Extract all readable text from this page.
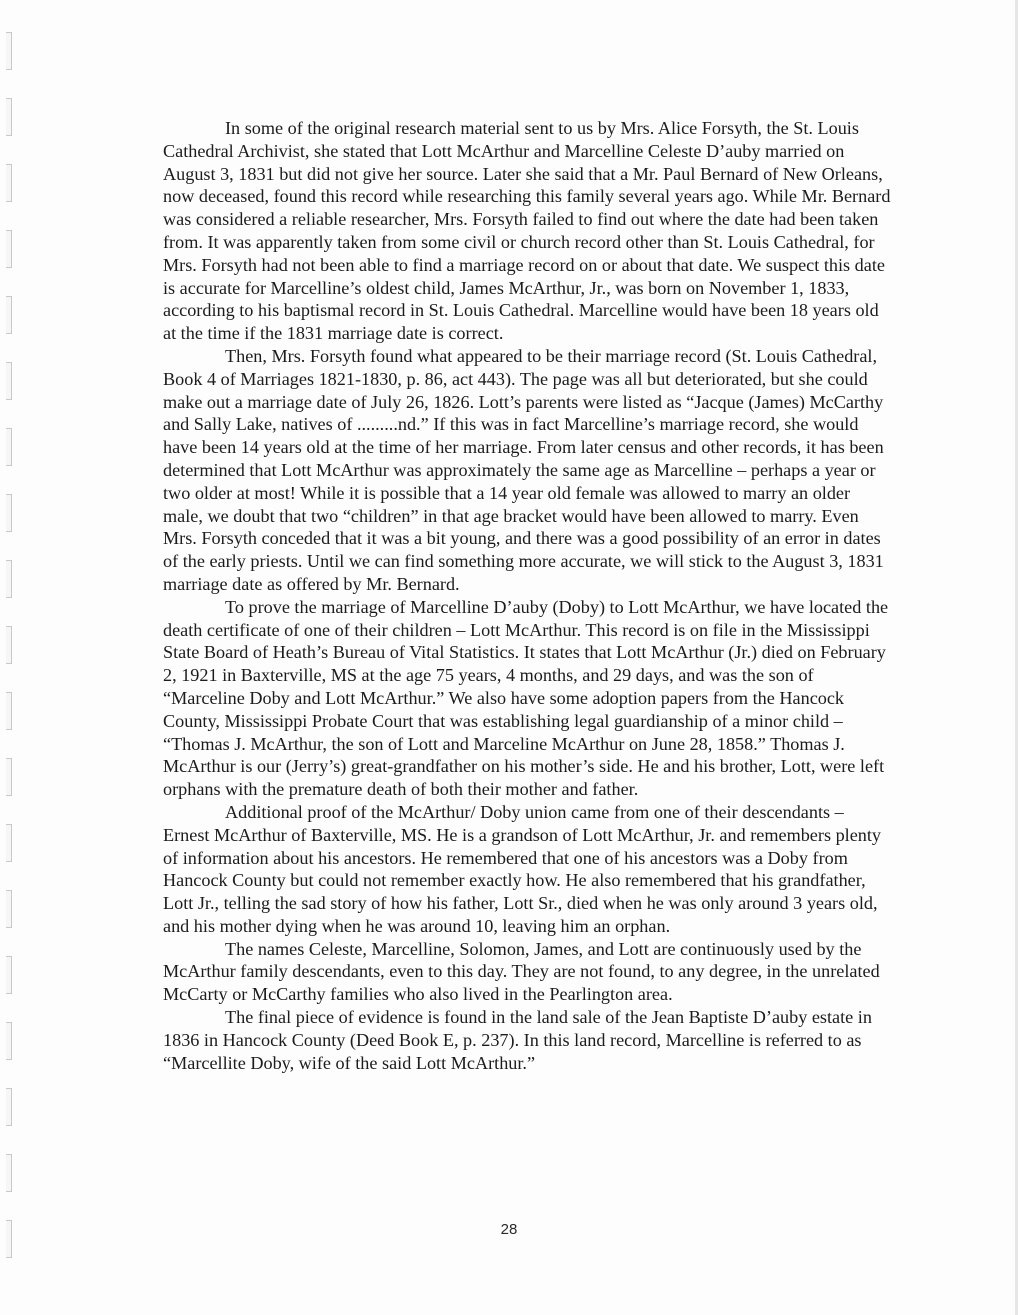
In some of the original research material sent to us by Mrs. Alice Forsyth, the St. Louis Cathedral Archivist, she stated that Lott McArthur and Marcelline Celeste D’auby married on August 3, 1831 but did not give her source. Later she said that a Mr. Paul Bernard of New Orleans, now deceased, found this record while researching this family several years ago. While Mr. Bernard was considered a reliable researcher, Mrs. Forsyth failed to find out where the date had been taken from. It was apparently taken from some civil or church record other than St. Louis Cathedral, for Mrs. Forsyth had not been able to find a marriage record on or about that date. We suspect this date is accurate for Marcelline’s oldest child, James McArthur, Jr., was born on November 1, 1833, according to his baptismal record in St. Louis Cathedral. Marcelline would have been 18 years old at the time if the 1831 marriage date is correct.

Then, Mrs. Forsyth found what appeared to be their marriage record (St. Louis Cathedral, Book 4 of Marriages 1821-1830, p. 86, act 443). The page was all but deteriorated, but she could make out a marriage date of July 26, 1826. Lott’s parents were listed as “Jacque (James) McCarthy and Sally Lake, natives of .........nd.” If this was in fact Marcelline’s marriage record, she would have been 14 years old at the time of her marriage. From later census and other records, it has been determined that Lott McArthur was approximately the same age as Marcelline – perhaps a year or two older at most! While it is possible that a 14 year old female was allowed to marry an older male, we doubt that two “children” in that age bracket would have been allowed to marry. Even Mrs. Forsyth conceded that it was a bit young, and there was a good possibility of an error in dates of the early priests. Until we can find something more accurate, we will stick to the August 3, 1831 marriage date as offered by Mr. Bernard.

To prove the marriage of Marcelline D’auby (Doby) to Lott McArthur, we have located the death certificate of one of their children – Lott McArthur. This record is on file in the Mississippi State Board of Heath’s Bureau of Vital Statistics. It states that Lott McArthur (Jr.) died on February 2, 1921 in Baxterville, MS at the age 75 years, 4 months, and 29 days, and was the son of “Marceline Doby and Lott McArthur.” We also have some adoption papers from the Hancock County, Mississippi Probate Court that was establishing legal guardianship of a minor child – “Thomas J. McArthur, the son of Lott and Marceline McArthur on June 28, 1858.” Thomas J. McArthur is our (Jerry’s) great-grandfather on his mother’s side. He and his brother, Lott, were left orphans with the premature death of both their mother and father.

Additional proof of the McArthur/ Doby union came from one of their descendants – Ernest McArthur of Baxterville, MS. He is a grandson of Lott McArthur, Jr. and remembers plenty of information about his ancestors. He remembered that one of his ancestors was a Doby from Hancock County but could not remember exactly how. He also remembered that his grandfather, Lott Jr., telling the sad story of how his father, Lott Sr., died when he was only around 3 years old, and his mother dying when he was around 10, leaving him an orphan.

The names Celeste, Marcelline, Solomon, James, and Lott are continuously used by the McArthur family descendants, even to this day. They are not found, to any degree, in the unrelated McCarty or McCarthy families who also lived in the Pearlington area.

The final piece of evidence is found in the land sale of the Jean Baptiste D’auby estate in 1836 in Hancock County (Deed Book E, p. 237). In this land record, Marcelline is referred to as “Marcellite Doby, wife of the said Lott McArthur.”

28
